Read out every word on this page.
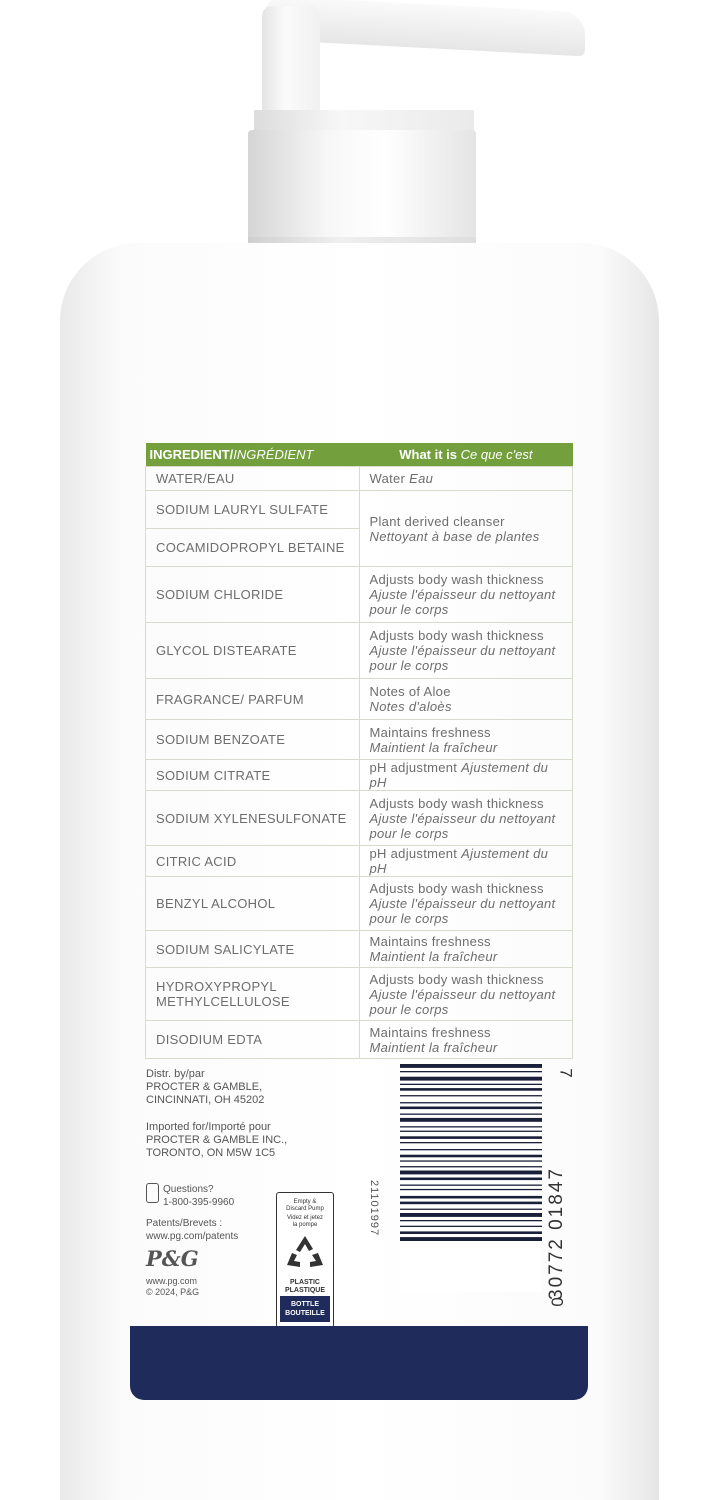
INGREDIENT/INGRÉDIENT	What it is Ce que c'est
WATER/EAU	Water Eau
SODIUM LAURYL SULFATE	Plant derived cleanser
Nettoyant à base de plantes

COCAMIDOPROPYL BETAINE	
SODIUM CHLORIDE	Adjusts body wash thickness
Ajuste l'épaisseur du nettoyant pour le corps

GLYCOL DISTEARATE	Adjusts body wash thickness
Ajuste l'épaisseur du nettoyant pour le corps

FRAGRANCE/ PARFUM	Notes of Aloe
Notes d'aloès

SODIUM BENZOATE	Maintains freshness
Maintient la fraîcheur

SODIUM CITRATE	pH adjustment Ajustement du pH
SODIUM XYLENESULFONATE	Adjusts body wash thickness
Ajuste l'épaisseur du nettoyant pour le corps

CITRIC ACID	pH adjustment Ajustement du pH
BENZYL ALCOHOL	Adjusts body wash thickness
Ajuste l'épaisseur du nettoyant pour le corps

SODIUM SALICYLATE	Maintains freshness
Maintient la fraîcheur

HYDROXYPROPYL METHYLCELLULOSE	Adjusts body wash thickness
Ajuste l'épaisseur du nettoyant pour le corps

DISODIUM EDTA	Maintains freshness
Maintient la fraîcheur
Distr. by/par
PROCTER & GAMBLE,
CINCINNATI, OH 45202
Imported for/Importé pour
PROCTER & GAMBLE INC.,
TORONTO, ON M5W 1C5
Questions?
1-800-395-9960
Patents/Brevets :
www.pg.com/patents
P&G
www.pg.com
© 2024, P&G
Empty &
Discard Pump
Videz et jetez
la pompe
PLASTIC
PLASTIQUE
BOTTLE
BOUTEILLE
21101997	30772 01847
0
7
